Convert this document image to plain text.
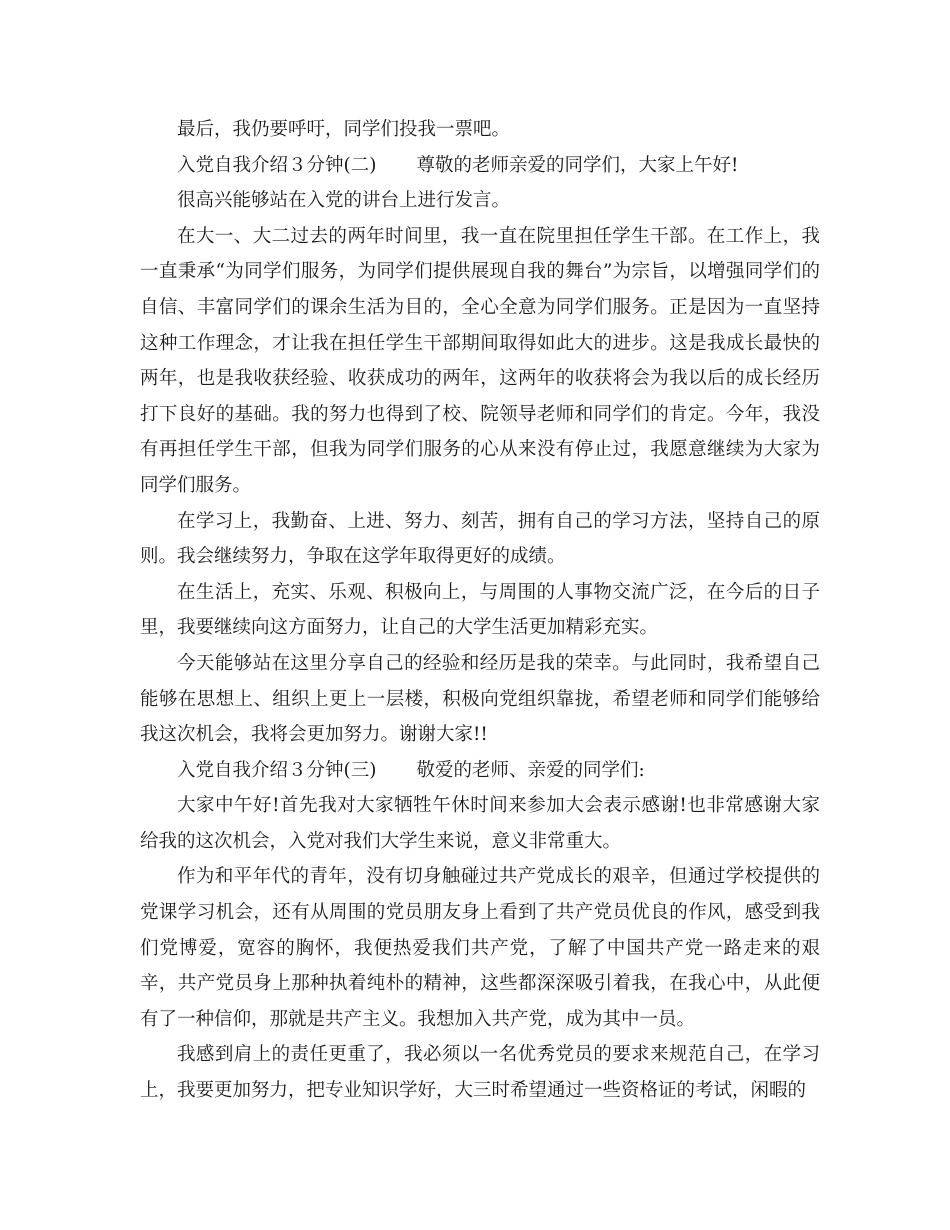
最后，我仍要呼吁，同学们投我一票吧。

入党自我介绍３分钟(二) 尊敬的老师亲爱的同学们，大家上午好!

很高兴能够站在入党的讲台上进行发言。

在大一、大二过去的两年时间里，我一直在院里担任学生干部。在工作上，我一直秉承“为同学们服务，为同学们提供展现自我的舞台”为宗旨，以增强同学们的自信、丰富同学们的课余生活为目的，全心全意为同学们服务。正是因为一直坚持这种工作理念，才让我在担任学生干部期间取得如此大的进步。这是我成长最快的两年，也是我收获经验、收获成功的两年，这两年的收获将会为我以后的成长经历打下良好的基础。我的努力也得到了校、院领导老师和同学们的肯定。今年，我没有再担任学生干部，但我为同学们服务的心从来没有停止过，我愿意继续为大家为同学们服务。

在学习上，我勤奋、上进、努力、刻苦，拥有自己的学习方法，坚持自己的原则。我会继续努力，争取在这学年取得更好的成绩。

在生活上，充实、乐观、积极向上，与周围的人事物交流广泛，在今后的日子里，我要继续向这方面努力，让自己的大学生活更加精彩充实。

今天能够站在这里分享自己的经验和经历是我的荣幸。与此同时，我希望自己能够在思想上、组织上更上一层楼，积极向党组织靠拢，希望老师和同学们能够给我这次机会，我将会更加努力。谢谢大家!!

入党自我介绍３分钟(三) 敬爱的老师、亲爱的同学们:

大家中午好!首先我对大家牺牲午休时间来参加大会表示感谢!也非常感谢大家给我的这次机会，入党对我们大学生来说，意义非常重大。

作为和平年代的青年，没有切身触碰过共产党成长的艰辛，但通过学校提供的党课学习机会，还有从周围的党员朋友身上看到了共产党员优良的作风，感受到我们党博爱，宽容的胸怀，我便热爱我们共产党，了解了中国共产党一路走来的艰辛，共产党员身上那种执着纯朴的精神，这些都深深吸引着我，在我心中，从此便有了一种信仰，那就是共产主义。我想加入共产党，成为其中一员。

我感到肩上的责任更重了，我必须以一名优秀党员的要求来规范自己，在学习上，我要更加努力，把专业知识学好，大三时希望通过一些资格证的考试，闲暇的
